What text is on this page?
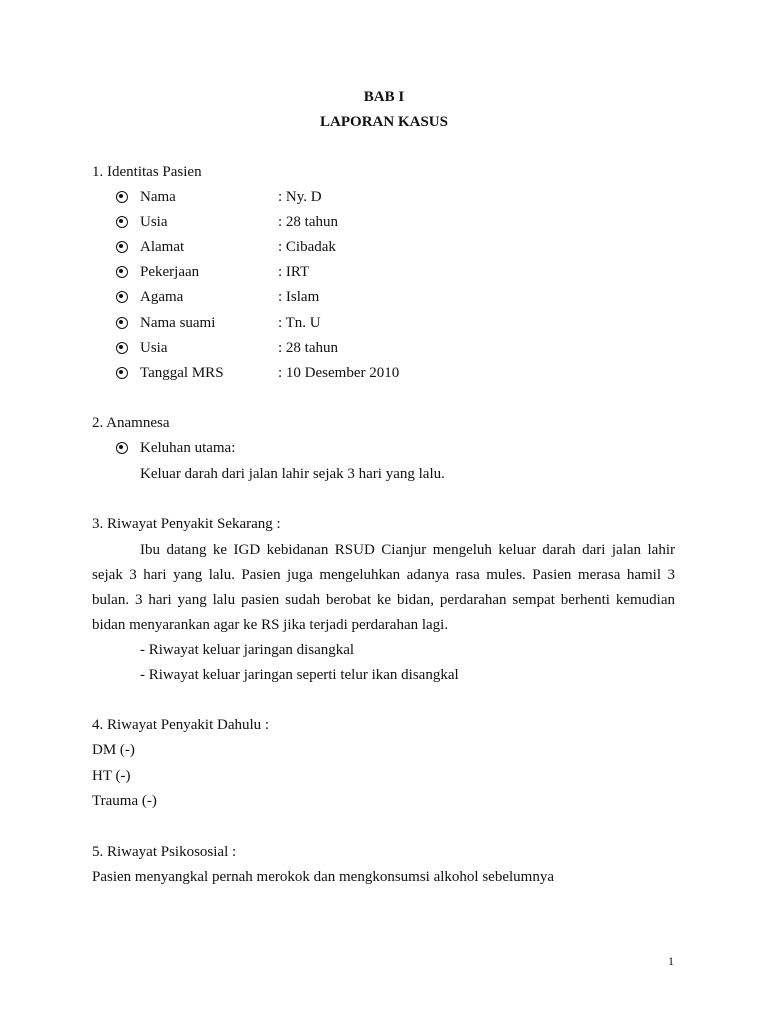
BAB I
LAPORAN KASUS
1. Identitas Pasien
Nama	: Ny. D
Usia	: 28 tahun
Alamat	: Cibadak
Pekerjaan	: IRT
Agama	: Islam
Nama suami	: Tn. U
Usia	: 28 tahun
Tanggal MRS	: 10 Desember 2010
2. Anamnesa
Keluhan utama:
Keluar darah dari jalan lahir sejak 3 hari yang lalu.
3. Riwayat Penyakit Sekarang :
Ibu datang ke IGD kebidanan RSUD Cianjur mengeluh keluar darah dari jalan lahir
sejak 3 hari yang lalu. Pasien juga mengeluhkan adanya rasa mules. Pasien merasa hamil 3
bulan. 3 hari yang lalu pasien sudah berobat ke bidan, perdarahan sempat berhenti kemudian
bidan menyarankan agar ke RS jika terjadi perdarahan lagi.
- Riwayat keluar jaringan disangkal
- Riwayat keluar jaringan seperti telur ikan disangkal
4. Riwayat Penyakit Dahulu :
DM (-)
HT (-)
Trauma (-)
5. Riwayat Psikososial :
Pasien menyangkal pernah merokok dan mengkonsumsi alkohol sebelumnya
1
